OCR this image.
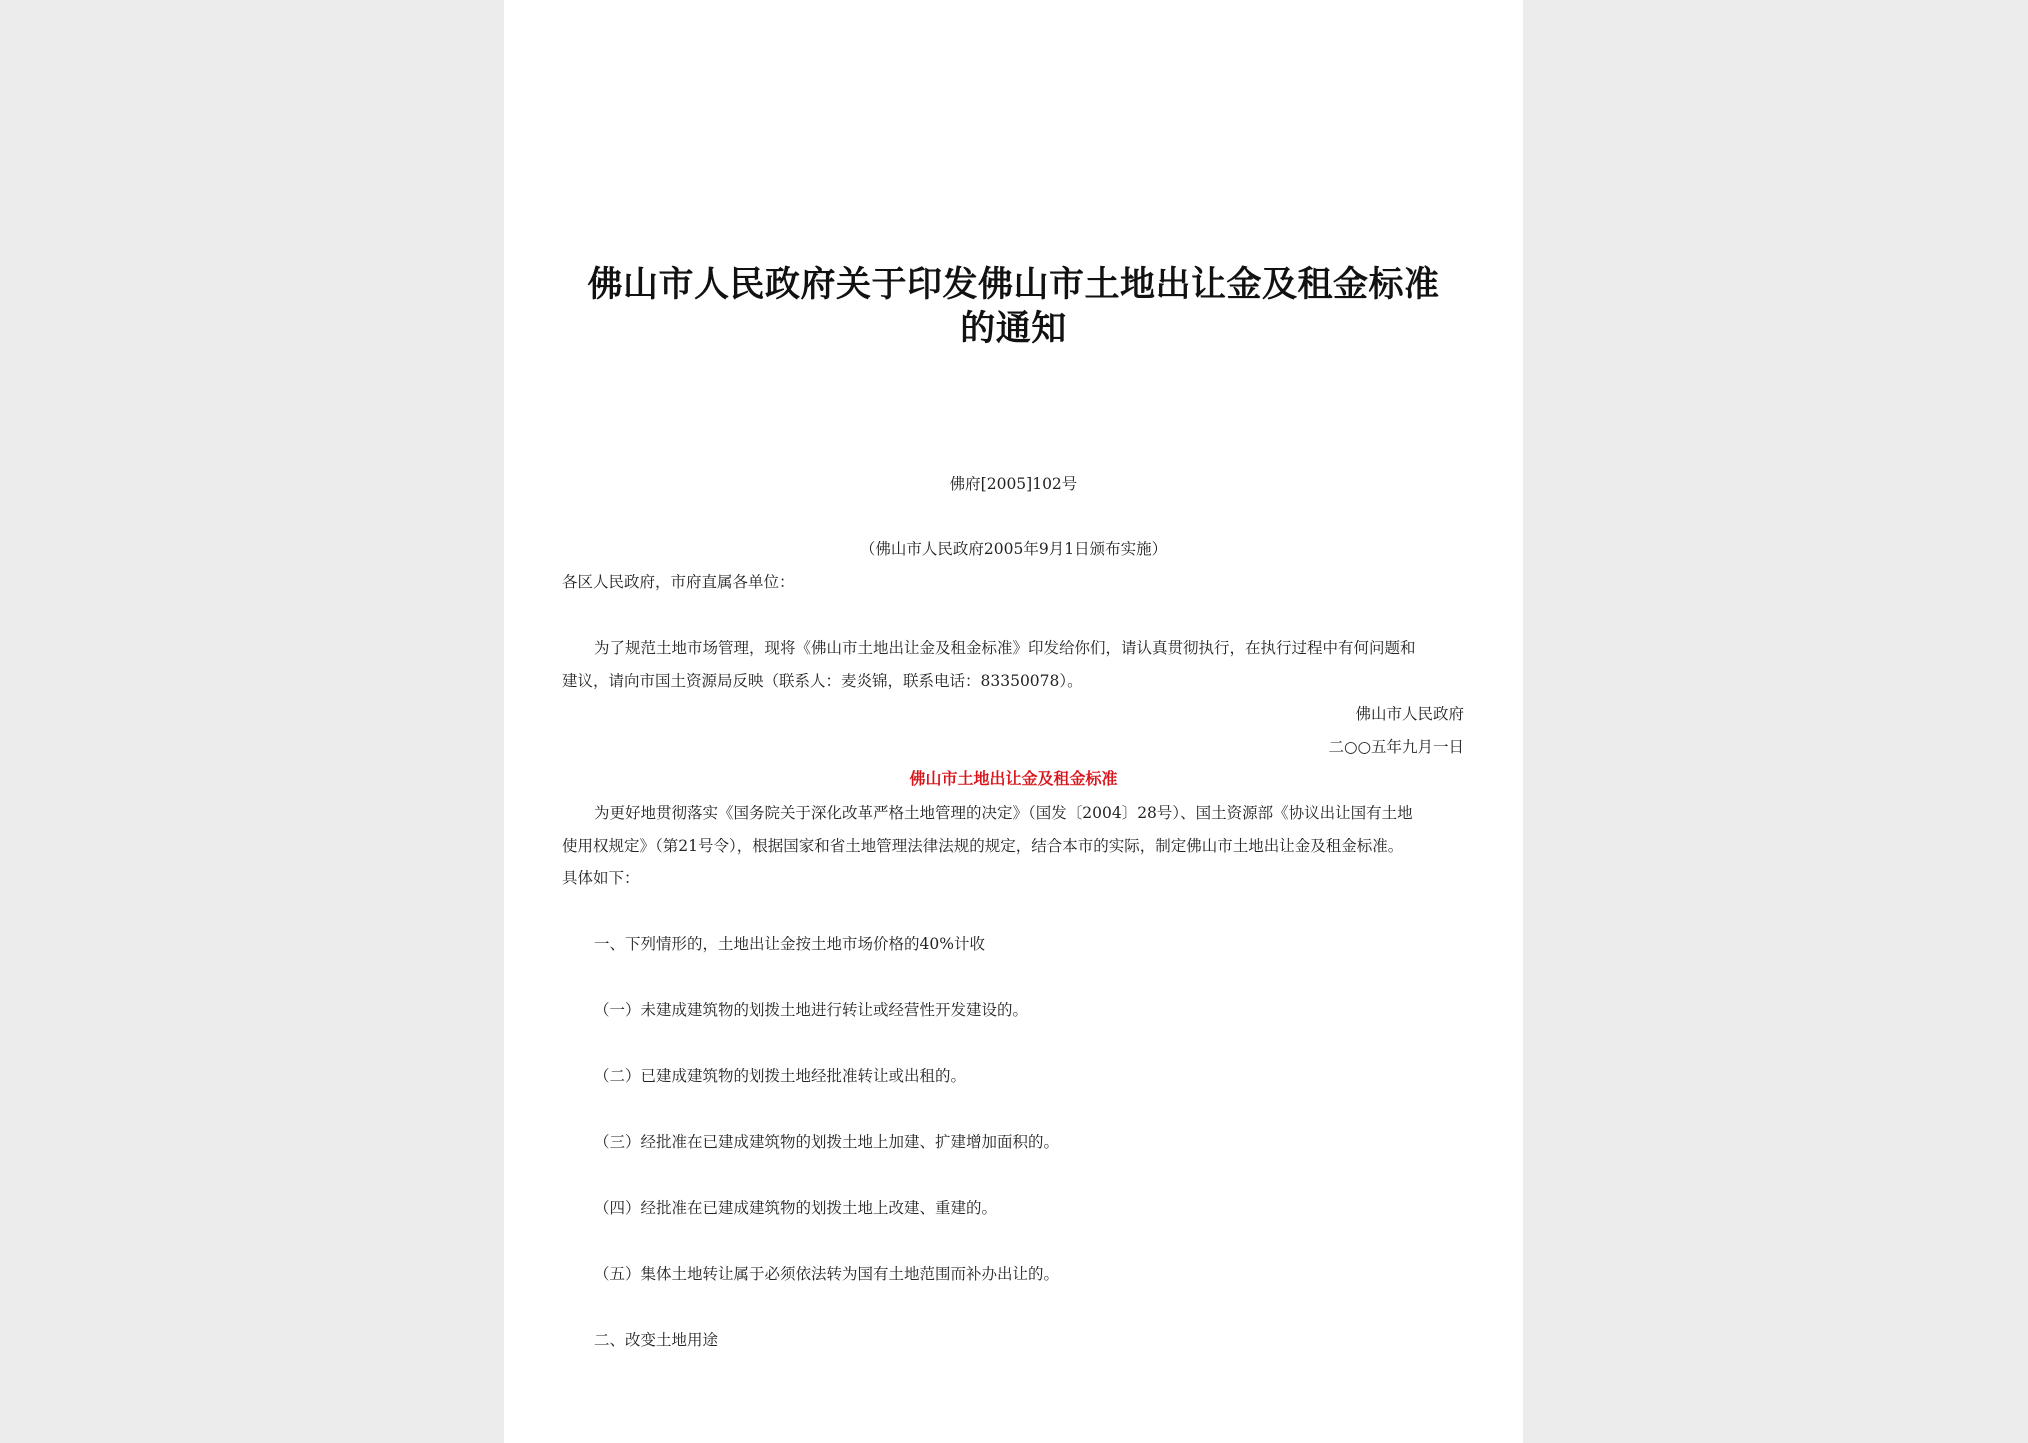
佛山市人民政府关于印发佛山市土地出让金及租金标准
的通知
佛府[2005]102号
（佛山市人民政府2005年9月1日颁布实施）
各区人民政府，市府直属各单位：
为了规范土地市场管理，现将《佛山市土地出让金及租金标准》印发给你们，请认真贯彻执行，在执行过程中有何问题和
建议，请向市国土资源局反映（联系人：麦炎锦，联系电话：83350078）。
佛山市人民政府
二○○五年九月一日
佛山市土地出让金及租金标准
为更好地贯彻落实《国务院关于深化改革严格土地管理的决定》（国发〔2004〕28号）、国土资源部《协议出让国有土地
使用权规定》（第21号令），根据国家和省土地管理法律法规的规定，结合本市的实际，制定佛山市土地出让金及租金标准。
具体如下：
一、下列情形的，土地出让金按土地市场价格的40%计收
（一）未建成建筑物的划拨土地进行转让或经营性开发建设的。
（二）已建成建筑物的划拨土地经批准转让或出租的。
（三）经批准在已建成建筑物的划拨土地上加建、扩建增加面积的。
（四）经批准在已建成建筑物的划拨土地上改建、重建的。
（五）集体土地转让属于必须依法转为国有土地范围而补办出让的。
二、改变土地用途
